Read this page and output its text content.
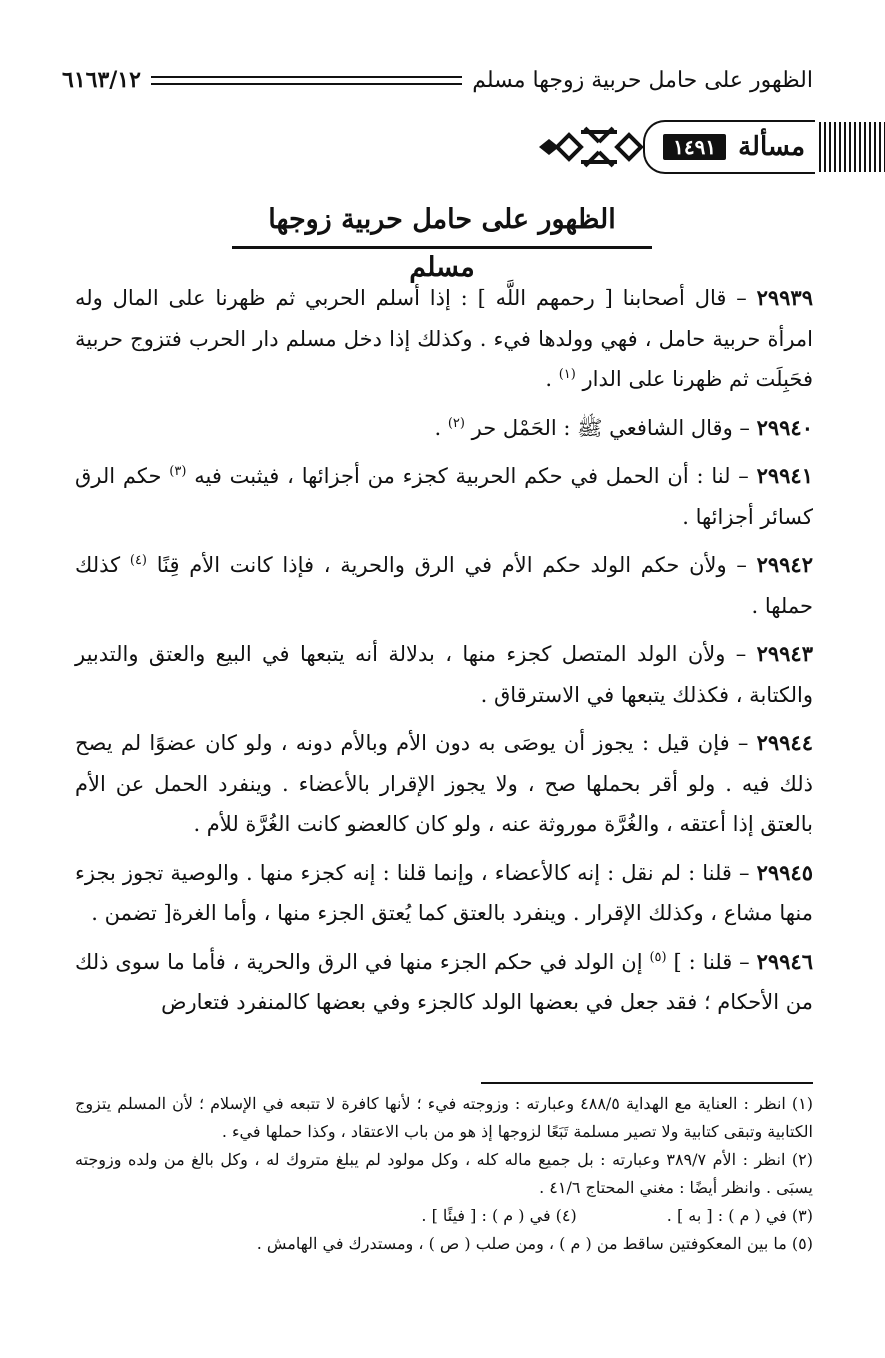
الظهور على حامل حربية زوجها مسلم
٦١٦٣/١٢
مسألة
١٤٩١
الظهور على حامل حربية زوجها مسلم

٢٩٩٣٩ – قال أصحابنا [ رحمهم اللَّه ] : إذا أسلم الحربي ثم ظهرنا على المال وله امرأة حربية حامل ، فهي وولدها فيء . وكذلك إذا دخل مسلم دار الحرب فتزوج حربية فحَبِلَت ثم ظهرنا على الدار $^{(١)}$ .

٢٩٩٤٠ – وقال الشافعي ﷺ : الحَمْل حر $^{(٢)}$ .

٢٩٩٤١ – لنا : أن الحمل في حكم الحربية كجزء من أجزائها ، فيثبت فيه $^{(٣)}$ حكم الرق كسائر أجزائها .

٢٩٩٤٢ – ولأن حكم الولد حكم الأم في الرق والحرية ، فإذا كانت الأم قِنًا $^{(٤)}$ كذلك حملها .

٢٩٩٤٣ – ولأن الولد المتصل كجزء منها ، بدلالة أنه يتبعها في البيع والعتق والتدبير والكتابة ، فكذلك يتبعها في الاسترقاق .

٢٩٩٤٤ – فإن قيل : يجوز أن يوصَى به دون الأم وبالأم دونه ، ولو كان عضوًا لم يصح ذلك فيه . ولو أقر بحملها صح ، ولا يجوز الإقرار بالأعضاء . وينفرد الحمل عن الأم بالعتق إذا أعتقه ، والغُرَّة موروثة عنه ، ولو كان كالعضو كانت الغُرَّة للأم .

٢٩٩٤٥ – قلنا : لم نقل : إنه كالأعضاء ، وإنما قلنا : إنه كجزء منها . والوصية تجوز بجزء منها مشاع ، وكذلك الإقرار . وينفرد بالعتق كما يُعتق الجزء منها ، وأما الغرة[ تضمن .

٢٩٩٤٦ – قلنا : ] $^{(٥)}$ إن الولد في حكم الجزء منها في الرق والحرية ، فأما ما سوى ذلك من الأحكام ؛ فقد جعل في بعضها الولد كالجزء وفي بعضها كالمنفرد فتعارض

(١) انظر : العناية مع الهداية ٤٨٨/٥ وعبارته : وزوجته فيء ؛ لأنها كافرة لا تتبعه في الإسلام ؛ لأن المسلم يتزوج الكتابية وتبقى كتابية ولا تصير مسلمة تَبَعًا لزوجها إذ هو من باب الاعتقاد ، وكذا حملها فيء .

(٢) انظر : الأم ٣٨٩/٧ وعبارته : بل جميع ماله كله ، وكل مولود لم يبلغ متروك له ، وكل بالغ من ولده وزوجته يسبَى . وانظر أيضًا : مغني المحتاج ٤١/٦ .

(٣) في ( م ) : [ به ] .
(٤) في ( م ) : [ فيئًا ] .

(٥) ما بين المعكوفتين ساقط من ( م ) ، ومن صلب ( ص ) ، ومستدرك في الهامش .
